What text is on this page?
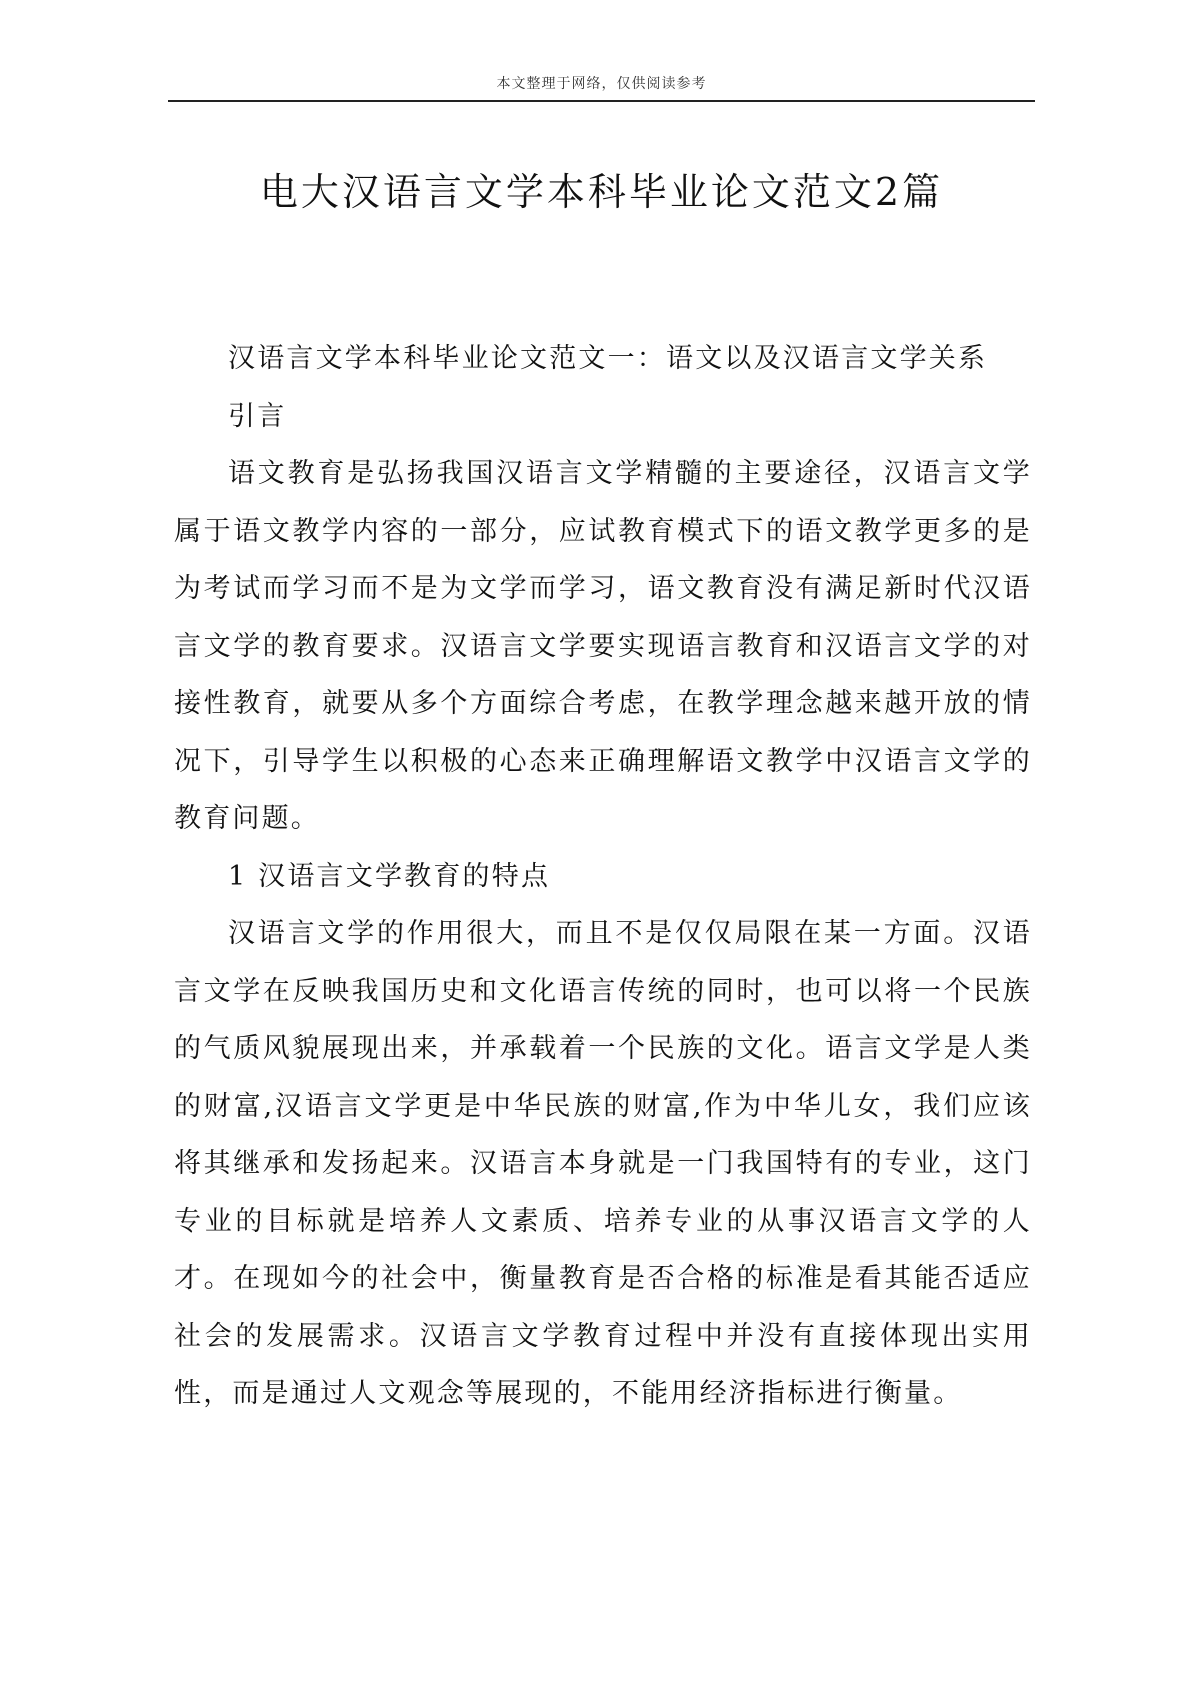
本文整理于网络，仅供阅读参考
电大汉语言文学本科毕业论文范文2篇

汉语言文学本科毕业论文范文一：语文以及汉语言文学关系

引言

语文教育是弘扬我国汉语言文学精髓的主要途径，汉语言文学属于语文教学内容的一部分，应试教育模式下的语文教学更多的是为考试而学习而不是为文学而学习，语文教育没有满足新时代汉语言文学的教育要求。汉语言文学要实现语言教育和汉语言文学的对接性教育，就要从多个方面综合考虑，在教学理念越来越开放的情况下，引导学生以积极的心态来正确理解语文教学中汉语言文学的教育问题。

1 汉语言文学教育的特点

汉语言文学的作用很大，而且不是仅仅局限在某一方面。汉语言文学在反映我国历史和文化语言传统的同时，也可以将一个民族的气质风貌展现出来，并承载着一个民族的文化。语言文学是人类的财富,汉语言文学更是中华民族的财富,作为中华儿女，我们应该将其继承和发扬起来。汉语言本身就是一门我国特有的专业，这门专业的目标就是培养人文素质、培养专业的从事汉语言文学的人才。在现如今的社会中，衡量教育是否合格的标准是看其能否适应社会的发展需求。汉语言文学教育过程中并没有直接体现出实用性，而是通过人文观念等展现的，不能用经济指标进行衡量。
